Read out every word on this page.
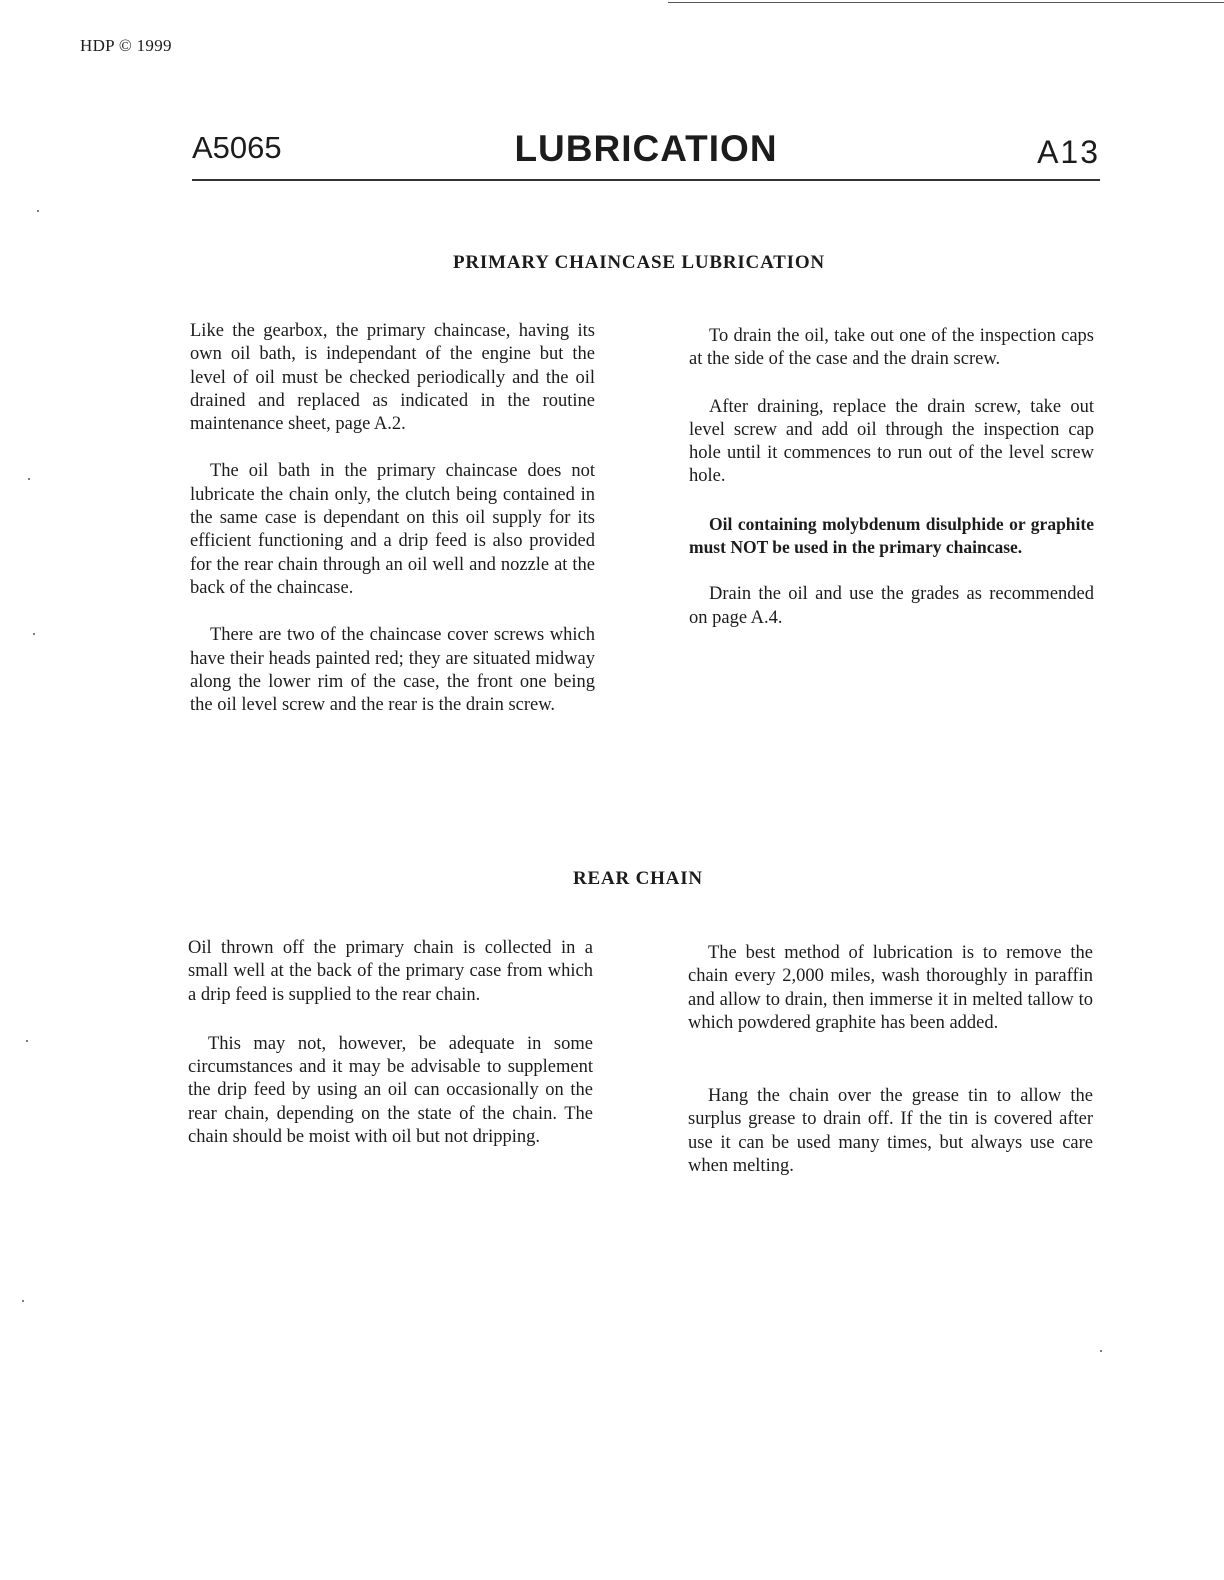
HDP © 1999
A5065	LUBRICATION	A13
PRIMARY CHAINCASE LUBRICATION

Like the gearbox, the primary chaincase, having its own oil bath, is independant of the engine but the level of oil must be checked periodically and the oil drained and replaced as indicated in the routine maintenance sheet, page A.2.

The oil bath in the primary chaincase does not lubricate the chain only, the clutch being contained in the same case is dependant on this oil supply for its efficient functioning and a drip feed is also provided for the rear chain through an oil well and nozzle at the back of the chaincase.

There are two of the chaincase cover screws which have their heads painted red; they are situated midway along the lower rim of the case, the front one being the oil level screw and the rear is the drain screw.

To drain the oil, take out one of the inspection caps at the side of the case and the drain screw.

After draining, replace the drain screw, take out level screw and add oil through the inspection cap hole until it commences to run out of the level screw hole.

Oil containing molybdenum disulphide or graphite must NOT be used in the primary chaincase.

Drain the oil and use the grades as recommended on page A.4.

REAR CHAIN

Oil thrown off the primary chain is collected in a small well at the back of the primary case from which a drip feed is supplied to the rear chain.

This may not, however, be adequate in some circumstances and it may be advisable to supplement the drip feed by using an oil can occasionally on the rear chain, depending on the state of the chain. The chain should be moist with oil but not dripping.

The best method of lubrication is to remove the chain every 2,000 miles, wash thoroughly in paraffin and allow to drain, then immerse it in melted tallow to which powdered graphite has been added.

Hang the chain over the grease tin to allow the surplus grease to drain off. If the tin is covered after use it can be used many times, but always use care when melting.
